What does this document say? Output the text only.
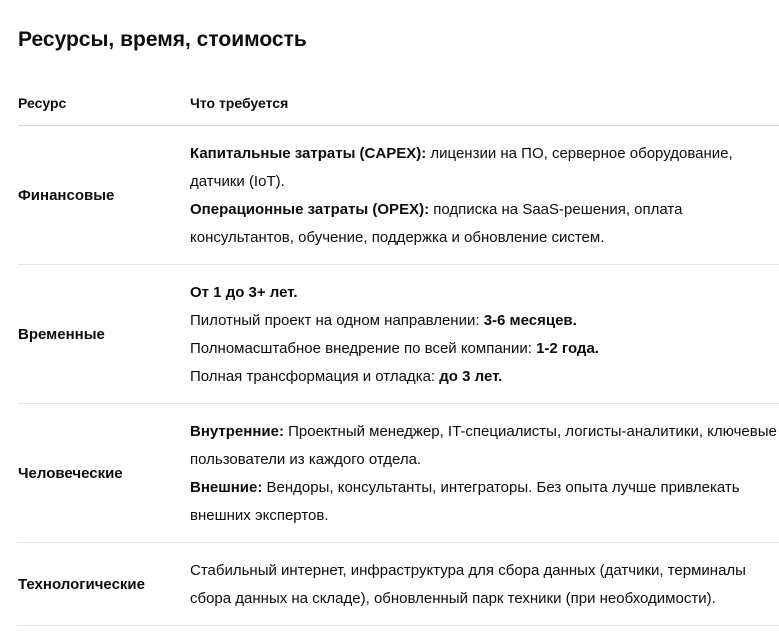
Ресурсы, время, стоимость
Ресурс	Что требуется
Финансовые	Капитальные затраты (CAPEX): лицензии на ПО, серверное оборудование, датчики (IoT).

Операционные затраты (OPEX): подписка на SaaS-решения, оплата консультантов, обучение, поддержка и обновление систем.

Временные	От 1 до 3+ лет.

Пилотный проект на одном направлении: 3-6 месяцев.

Полномасштабное внедрение по всей компании: 1-2 года.

Полная трансформация и отладка: до 3 лет.

Человеческие	Внутренние: Проектный менеджер, IT-специалисты, логисты-аналитики, ключевые пользователи из каждого отдела.

Внешние: Вендоры, консультанты, интеграторы. Без опыта лучше привлекать внешних экспертов.

Технологические	Стабильный интернет, инфраструктура для сбора данных (датчики, терминалы сбора данных на складе), обновленный парк техники (при необходимости).
